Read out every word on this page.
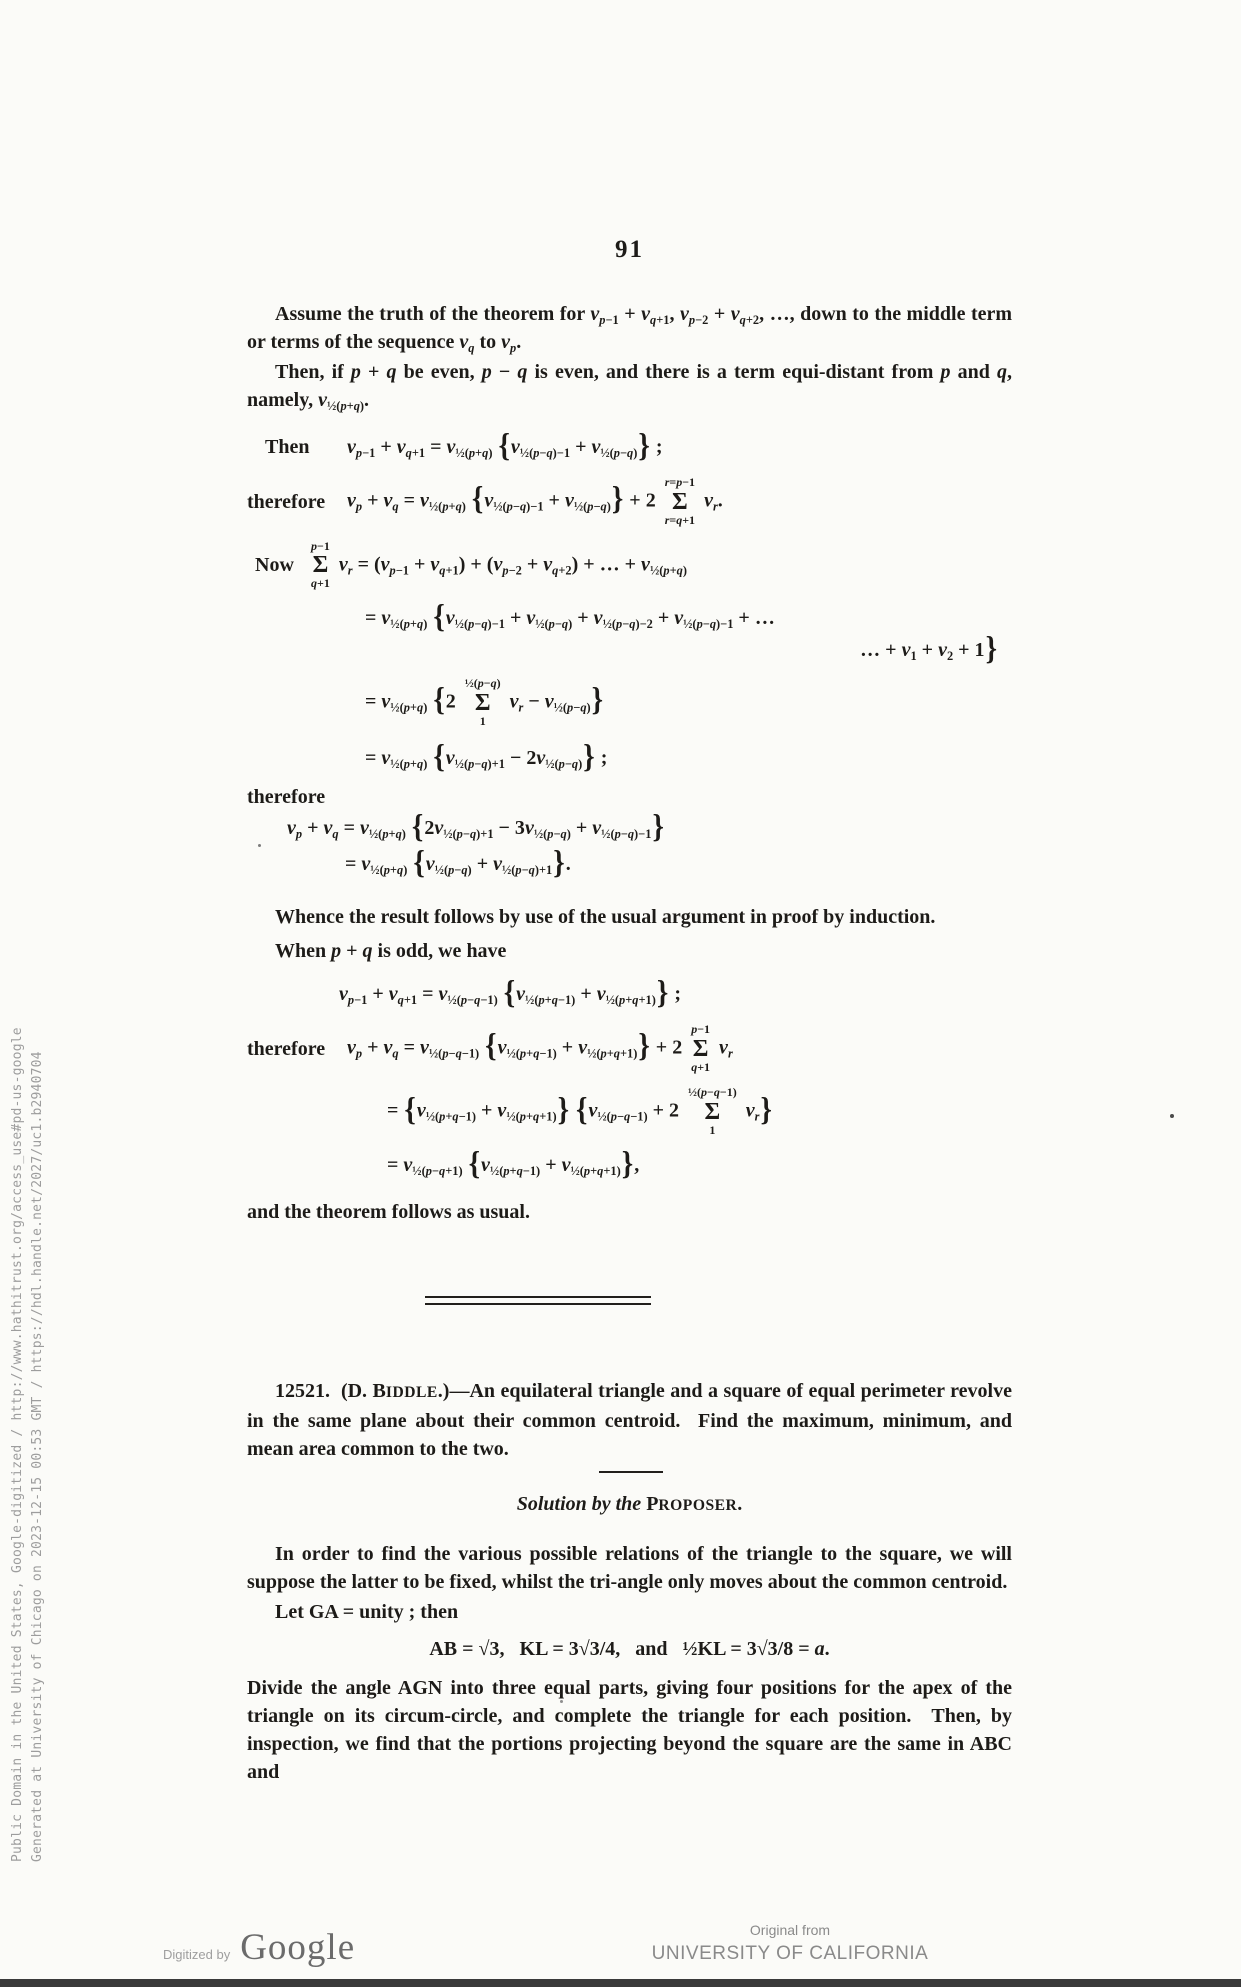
Public Domain in the United States, Google-digitized / http://www.hathitrust.org/access_use#pd-us-google Generated at University of Chicago on 2023-12-15 00:53 GMT / https://hdl.handle.net/2027/uc1.b2940704
91
Assume the truth of the theorem for $v_{p-1} + v_{q+1}$, $v_{p-2} + v_{q+2}$, …, down to the middle term or terms of the sequence $v_q$ to $v_p$.
Then, if p + q be even, p − q is even, and there is a term equi-distant from p and q, namely, $v_{\frac{1}{2}(p+q)}$.
Then	$v_{p-1} + v_{q+1} = v_{\frac{1}{2}(p+q)}$ $\{v_{\frac{1}{2}(p-q)-1} + v_{\frac{1}{2}(p-q)}\}$ ;
therefore	$v_p + v_q = v_{\frac{1}{2}(p+q)}$ $\{v_{\frac{1}{2}(p-q)-1} + v_{\frac{1}{2}(p-q)}\} + 2$
r=p−1
Σ
r=q+1
$v_r$.
Now
p−1
Σ
q+1
$v_r = (v_{p-1} + v_{q+1}) + (v_{p-2} + v_{q+2})$ + … + $v_{\frac{1}{2}(p+q)}$
= $v_{\frac{1}{2}(p+q)}$ {$v_{\frac{1}{2}(p-q)-1} + v_{\frac{1}{2}(p-q)} + v_{\frac{1}{2}(p-q)-2} + v_{\frac{1}{2}(p-q)-1}$ + …
… + $v_1 + v_2 + 1$}
= $v_{\frac{1}{2}(p+q)}$ {2
½(p−q)
Σ
1
$v_r - v_{\frac{1}{2}(p-q)}$}
= $v_{\frac{1}{2}(p+q)}$ $\{v_{\frac{1}{2}(p-q)+1} - 2v_{\frac{1}{2}(p-q)}\}$ ;
therefore
$v_p + v_q = v_{\frac{1}{2}(p+q)}$ $\{2v_{\frac{1}{2}(p-q)+1} - 3v_{\frac{1}{2}(p-q)} + v_{\frac{1}{2}(p-q)-1}\}$
= $v_{\frac{1}{2}(p+q)}$ $\{v_{\frac{1}{2}(p-q)} + v_{\frac{1}{2}(p-q)+1}\}$.
Whence the result follows by use of the usual argument in proof by induction.
When p + q is odd, we have
$v_{p-1} + v_{q+1} = v_{\frac{1}{2}(p-q-1)}$ $\{v_{\frac{1}{2}(p+q-1)} + v_{\frac{1}{2}(p+q+1)}\}$ ;
therefore	$v_p + v_q = v_{\frac{1}{2}(p-q-1)}$ $\{v_{\frac{1}{2}(p+q-1)} + v_{\frac{1}{2}(p+q+1)}\} + 2$
p−1
Σ
q+1
$v_r$
= $\{v_{\frac{1}{2}(p+q-1)} + v_{\frac{1}{2}(p+q+1)}\} \{v_{\frac{1}{2}(p-q-1)} + 2$
½(p−q−1)
Σ
1
$v_r$}
= $v_{\frac{1}{2}(p-q+1)}$ $\{v_{\frac{1}{2}(p+q-1)} + v_{\frac{1}{2}(p+q+1)}\}$,
and the theorem follows as usual.
12521.  (D. BIDDLE.)—An equilateral triangle and a square of equal perimeter revolve in the same plane about their common centroid.  Find the maximum, minimum, and mean area common to the two.
Solution by the PROPOSER.
In order to find the various possible relations of the triangle to the square, we will suppose the latter to be fixed, whilst the tri-angle only moves about the common centroid.
Let GA = unity ; then
AB = √3,   KL = 3√3/4,   and   ½KL = 3√3/8 = a.
Divide the angle AGN into three equal parts, giving four positions for the apex of the triangle on its circum-circle, and complete the triangle for each position.  Then, by inspection, we find that the portions projecting beyond the square are the same in ABC and
Digitized by Google	Original from
UNIVERSITY OF CALIFORNIA
